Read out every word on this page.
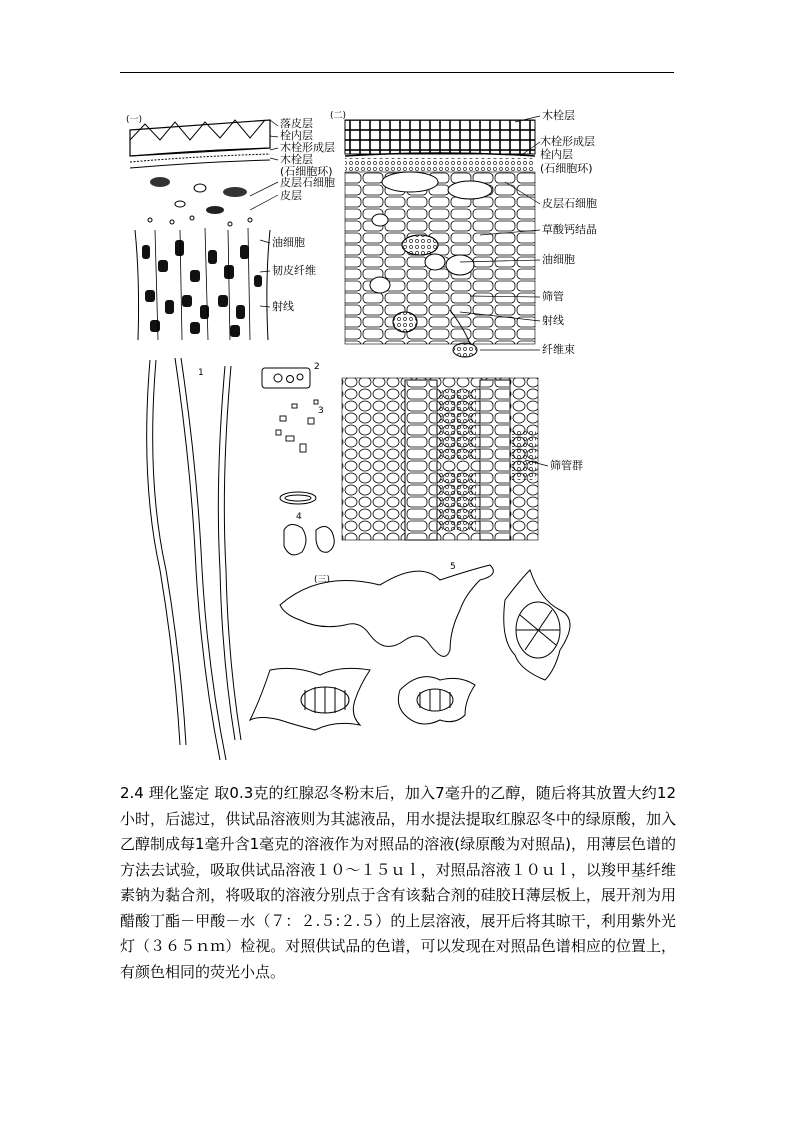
(一)	(二)
(三)
1
2
3
4
5
落皮层
栓内层
木栓形成层
木栓层
(石细胞环)
皮层石细胞
皮层
油细胞
韧皮纤维
射线
木栓层
木栓形成层
栓内层
(石细胞环)
皮层石细胞
草酸钙结晶
油细胞
筛管
射线
纤维束
筛管群

2.4 理化鉴定 取0.3克的红腺忍冬粉末后，加入7毫升的乙醇，随后将其放置大约12小时，后滤过，供试品溶液则为其滤液品，用水提法提取红腺忍冬中的绿原酸，加入乙醇制成每1毫升含1毫克的溶液作为对照品的溶液(绿原酸为对照品)，用薄层色谱的方法去试验，吸取供试品溶液１０～１５ｕｌ，对照品溶液１０ｕｌ，以羧甲基纤维素钠为黏合剂，将吸取的溶液分别点于含有该黏合剂的硅胶Ｈ薄层板上，展开剂为用醋酸丁酯－甲酸－水（７：２.５:２.５）的上层溶液，展开后将其晾干，利用紫外光灯（３６５ｎｍ）检视。对照供试品的色谱，可以发现在对照品色谱相应的位置上，有颜色相同的荧光小点。
